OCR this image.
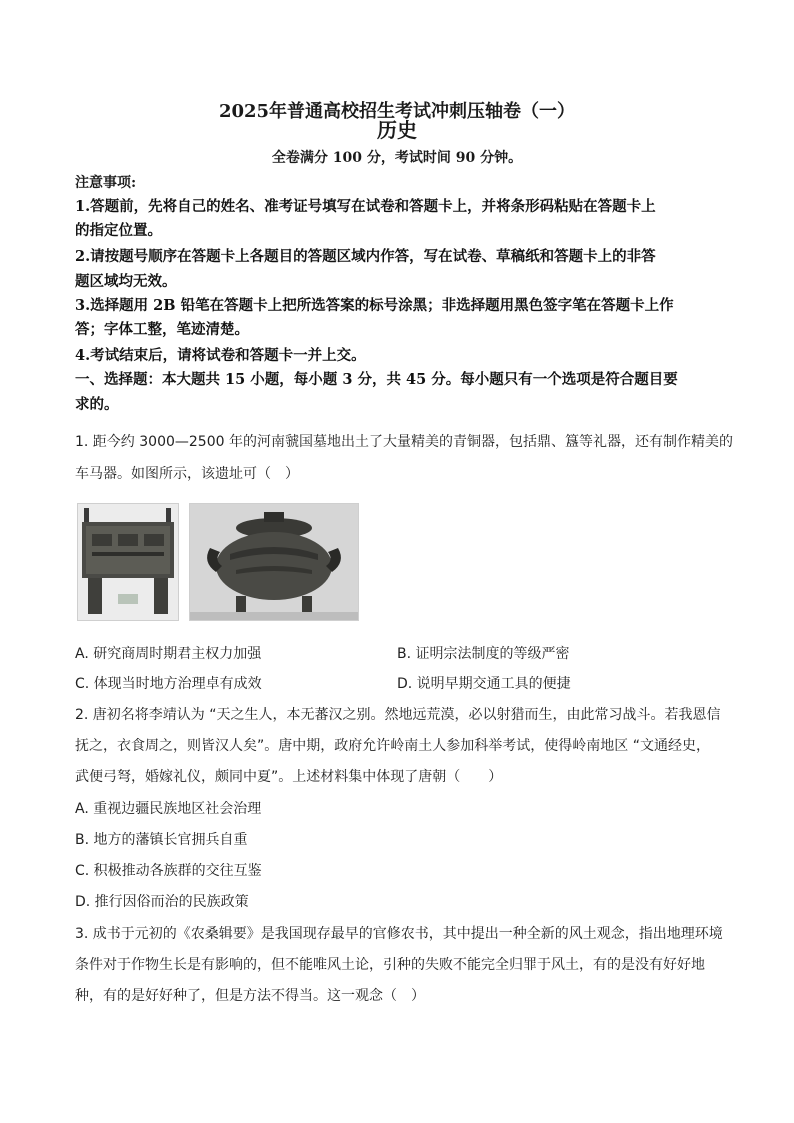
2025年普通高校招生考试冲刺压轴卷（一）
历史
全卷满分 100 分，考试时间 90 分钟。
注意事项:
1.答题前，先将自己的姓名、准考证号填写在试卷和答题卡上，并将条形码粘贴在答题卡上
的指定位置。
2.请按题号顺序在答题卡上各题目的答题区域内作答，写在试卷、草稿纸和答题卡上的非答
题区域均无效。
3.选择题用 2B 铅笔在答题卡上把所选答案的标号涂黑；非选择题用黑色签字笔在答题卡上作
答；字体工整，笔迹清楚。
4.考试结束后，请将试卷和答题卡一并上交。
一、选择题：本大题共 15 小题，每小题 3 分，共 45 分。每小题只有一个选项是符合题目要
求的。
1. 距今约 3000—2500 年的河南虢国墓地出土了大量精美的青铜器，包括鼎、簋等礼器，还有制作精美的
车马器。如图所示，该遗址可（　）
A. 研究商周时期君主权力加强	B. 证明宗法制度的等级严密
C. 体现当时地方治理卓有成效	D. 说明早期交通工具的便捷
2. 唐初名将李靖认为 “天之生人，本无蕃汉之别。然地远荒漠，必以射猎而生，由此常习战斗。若我恩信
抚之，衣食周之，则皆汉人矣”。唐中期，政府允许岭南土人参加科举考试，使得岭南地区 “文通经史，
武便弓弩，婚嫁礼仪，颇同中夏”。上述材料集中体现了唐朝（　　）
A. 重视边疆民族地区社会治理
B. 地方的藩镇长官拥兵自重
C. 积极推动各族群的交往互鉴
D. 推行因俗而治的民族政策
3. 成书于元初的《农桑辑要》是我国现存最早的官修农书，其中提出一种全新的风土观念，指出地理环境
条件对于作物生长是有影响的，但不能唯风土论，引种的失败不能完全归罪于风土，有的是没有好好地
种，有的是好好种了，但是方法不得当。这一观念（　）
